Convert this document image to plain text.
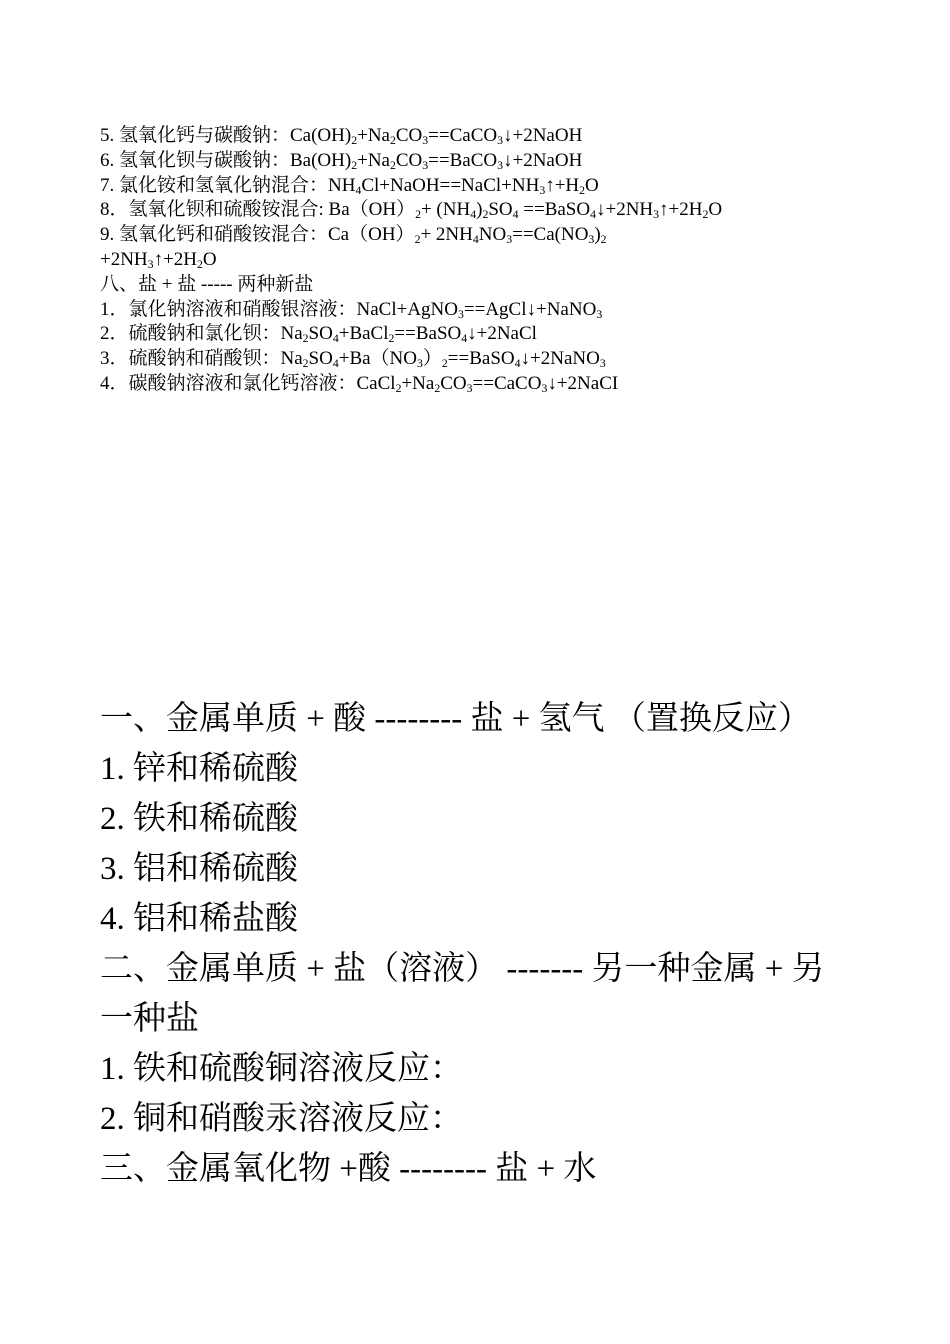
5. 氢氧化钙与碳酸钠：$Ca(OH)_2+Na_2CO_3==CaCO_3↓+2NaOH$
6. 氢氧化钡与碳酸钠：$Ba(OH)_2+Na_2CO_3==BaCO_3↓+2NaOH$
7. 氯化铵和氢氧化钠混合：$NH_4Cl+NaOH==NaCl+NH_3↑+H_2O$
8．氢氧化钡和硫酸铵混合: $Ba(OH)_2+ (NH_4)_2SO_4$ $==BaSO_4↓+2NH_3↑+2H_2O$
9. 氢氧化钙和硝酸铵混合：$Ca(OH)_2+ 2NH_4NO_3==Ca(NO_3)_2$
$+2NH_3↑+2H_2O$
八、盐 + 盐 ----- 两种新盐
1．氯化钠溶液和硝酸银溶液：NaCl+AgNO$_3$==AgCl↓+NaNO$_3$
2．硫酸钠和氯化钡：$Na_2SO_4+BaCl_2==BaSO_4↓+2NaCl$
3．硫酸钠和硝酸钡：$Na_2SO_4+Ba(NO_3)_2==BaSO_4↓+2NaNO_3$
4．碳酸钠溶液和氯化钙溶液：$CaCl_2+Na_2CO_3==CaCO_3↓+2NaCI$
一、金属单质 + 酸 -------- 盐 + 氢气 （置换反应）
1. 锌和稀硫酸
2. 铁和稀硫酸
3. 铝和稀硫酸
4. 铝和稀盐酸
二、金属单质 + 盐（溶液） ------- 另一种金属 + 另
一种盐
1. 铁和硫酸铜溶液反应：
2. 铜和硝酸汞溶液反应：
三、金属氧化物 +酸 -------- 盐 + 水
